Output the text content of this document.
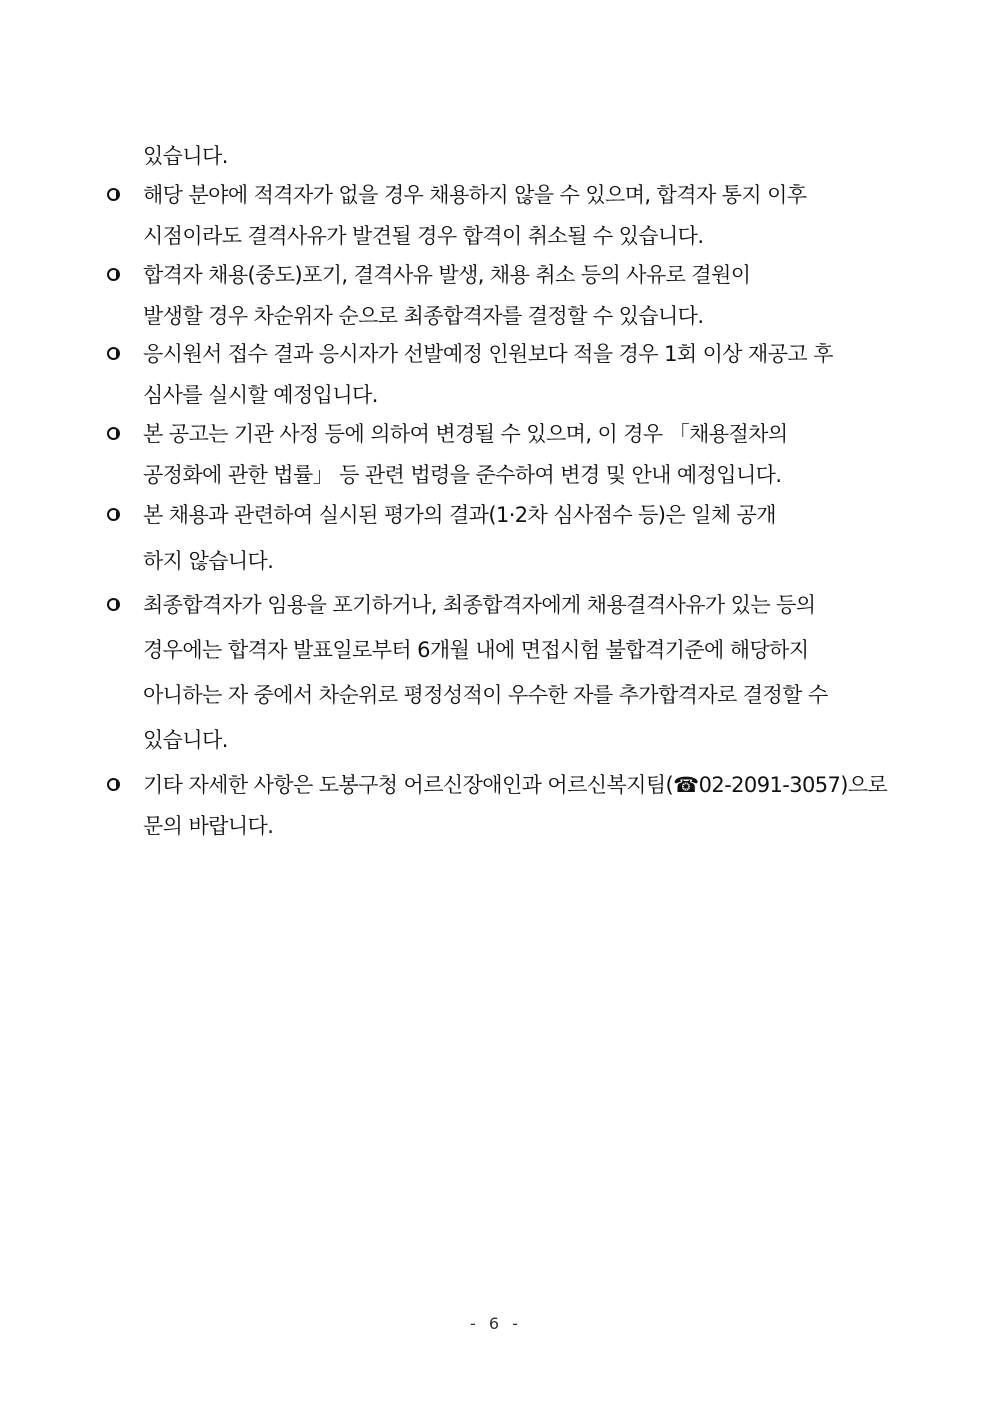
있습니다.
해당 분야에 적격자가 없을 경우 채용하지 않을 수 있으며, 합격자 통지 이후
시점이라도 결격사유가 발견될 경우 합격이 취소될 수 있습니다.
합격자 채용(중도)포기, 결격사유 발생, 채용 취소 등의 사유로 결원이
발생할 경우 차순위자 순으로 최종합격자를 결정할 수 있습니다.
응시원서 접수 결과 응시자가 선발예정 인원보다 적을 경우 1회 이상 재공고 후
심사를 실시할 예정입니다.
본 공고는 기관 사정 등에 의하여 변경될 수 있으며, 이 경우 「채용절차의
공정화에 관한 법률」 등 관련 법령을 준수하여 변경 및 안내 예정입니다.
본 채용과 관련하여 실시된 평가의 결과(1·2차 심사점수 등)은 일체 공개
하지 않습니다.
최종합격자가 임용을 포기하거나, 최종합격자에게 채용결격사유가 있는 등의
경우에는 합격자 발표일로부터 6개월 내에 면접시험 불합격기준에 해당하지
아니하는 자 중에서 차순위로 평정성적이 우수한 자를 추가합격자로 결정할 수
있습니다.
기타 자세한 사항은 도봉구청 어르신장애인과 어르신복지팀(☎02-2091-3057)으로
문의 바랍니다.
- 6 -
